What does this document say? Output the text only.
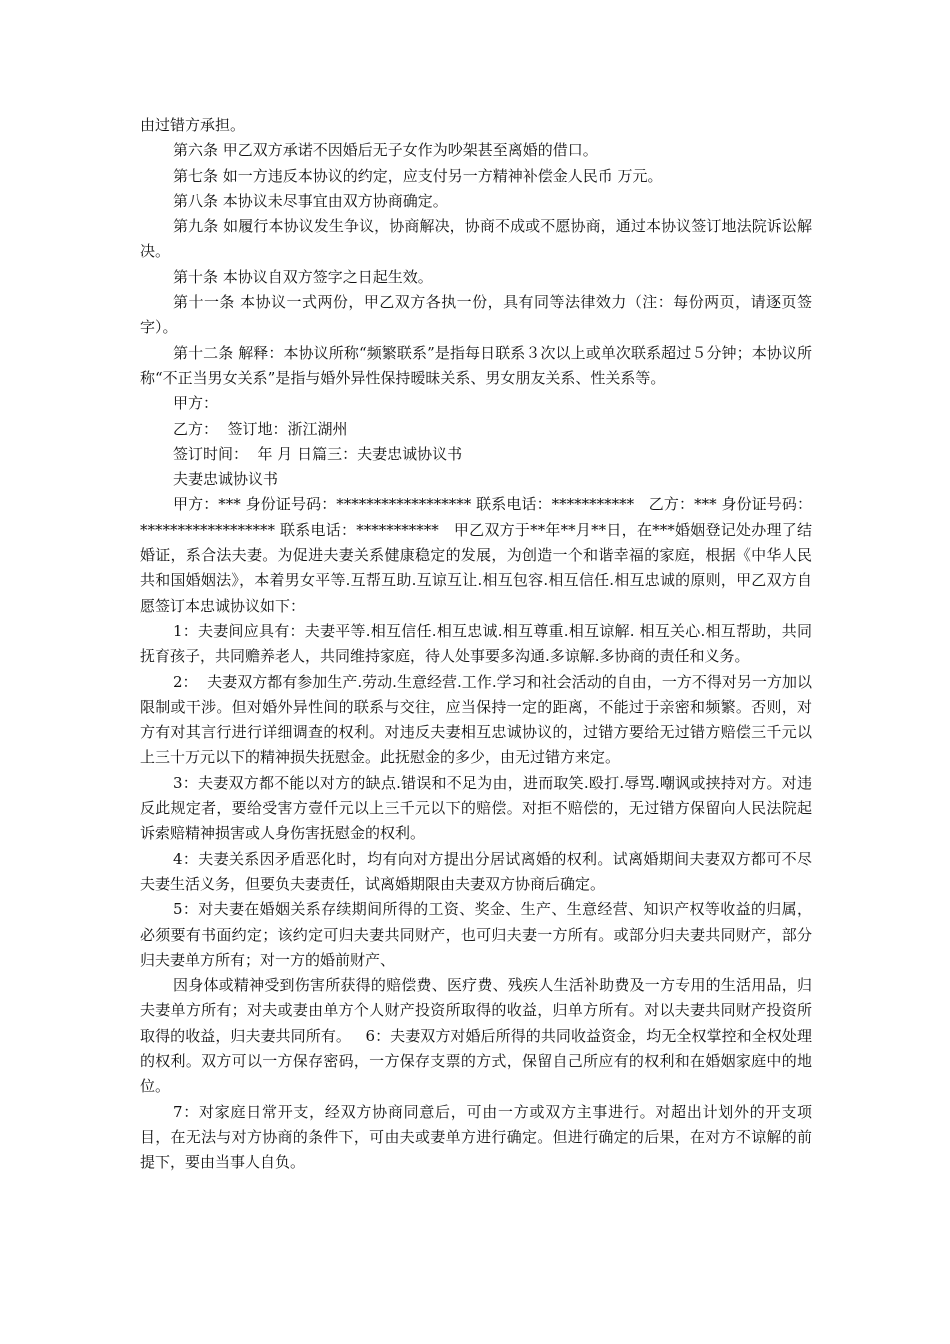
由过错方承担。

第六条 甲乙双方承诺不因婚后无子女作为吵架甚至离婚的借口。

第七条 如一方违反本协议的约定，应支付另一方精神补偿金人民币 万元。

第八条 本协议未尽事宜由双方协商确定。

第九条 如履行本协议发生争议，协商解决，协商不成或不愿协商，通过本协议签订地法院诉讼解决。

第十条 本协议自双方签字之日起生效。

第十一条 本协议一式两份，甲乙双方各执一份，具有同等法律效力（注：每份两页，请逐页签字）。

第十二条 解释：本协议所称“频繁联系”是指每日联系３次以上或单次联系超过５分钟；本协议所称“不正当男女关系”是指与婚外异性保持暧昧关系、男女朋友关系、性关系等。

甲方：

乙方：  签订地：浙江湖州

签订时间：  年 月 日篇三：夫妻忠诚协议书

夫妻忠诚协议书

甲方：*** 身份证号码：****************** 联系电话：***********   乙方：*** 身份证号码：****************** 联系电话：***********   甲乙双方于**年**月**日，在***婚姻登记处办理了结婚证，系合法夫妻。为促进夫妻关系健康稳定的发展，为创造一个和谐幸福的家庭，根据《中华人民共和国婚姻法》，本着男女平等.互帮互助.互谅互让.相互包容.相互信任.相互忠诚的原则，甲乙双方自愿签订本忠诚协议如下：

1：夫妻间应具有：夫妻平等.相互信任.相互忠诚.相互尊重.相互谅解. 相互关心.相互帮助，共同抚育孩子，共同赡养老人，共同维持家庭，待人处事要多沟通.多谅解.多协商的责任和义务。

2：  夫妻双方都有参加生产.劳动.生意经营.工作.学习和社会活动的自由，一方不得对另一方加以限制或干涉。但对婚外异性间的联系与交往，应当保持一定的距离，不能过于亲密和频繁。否则，对方有对其言行进行详细调查的权利。对违反夫妻相互忠诚协议的，过错方要给无过错方赔偿三千元以上三十万元以下的精神损失抚慰金。此抚慰金的多少，由无过错方来定。

3：夫妻双方都不能以对方的缺点.错误和不足为由，进而取笑.殴打.辱骂.嘲讽或挟持对方。对违反此规定者，要给受害方壹仟元以上三千元以下的赔偿。对拒不赔偿的，无过错方保留向人民法院起诉索赔精神损害或人身伤害抚慰金的权利。

4：夫妻关系因矛盾恶化时，均有向对方提出分居试离婚的权利。试离婚期间夫妻双方都可不尽夫妻生活义务，但要负夫妻责任，试离婚期限由夫妻双方协商后确定。

5：对夫妻在婚姻关系存续期间所得的工资、奖金、生产、生意经营、知识产权等收益的归属，必须要有书面约定；该约定可归夫妻共同财产，也可归夫妻一方所有。或部分归夫妻共同财产，部分归夫妻单方所有；对一方的婚前财产、

因身体或精神受到伤害所获得的赔偿费、医疗费、残疾人生活补助费及一方专用的生活用品，归夫妻单方所有；对夫或妻由单方个人财产投资所取得的收益，归单方所有。对以夫妻共同财产投资所取得的收益，归夫妻共同所有。   6：夫妻双方对婚后所得的共同收益资金，均无全权掌控和全权处理的权利。双方可以一方保存密码，一方保存支票的方式，保留自己所应有的权利和在婚姻家庭中的地位。

7：对家庭日常开支，经双方协商同意后，可由一方或双方主事进行。对超出计划外的开支项目，在无法与对方协商的条件下，可由夫或妻单方进行确定。但进行确定的后果，在对方不谅解的前提下，要由当事人自负。
